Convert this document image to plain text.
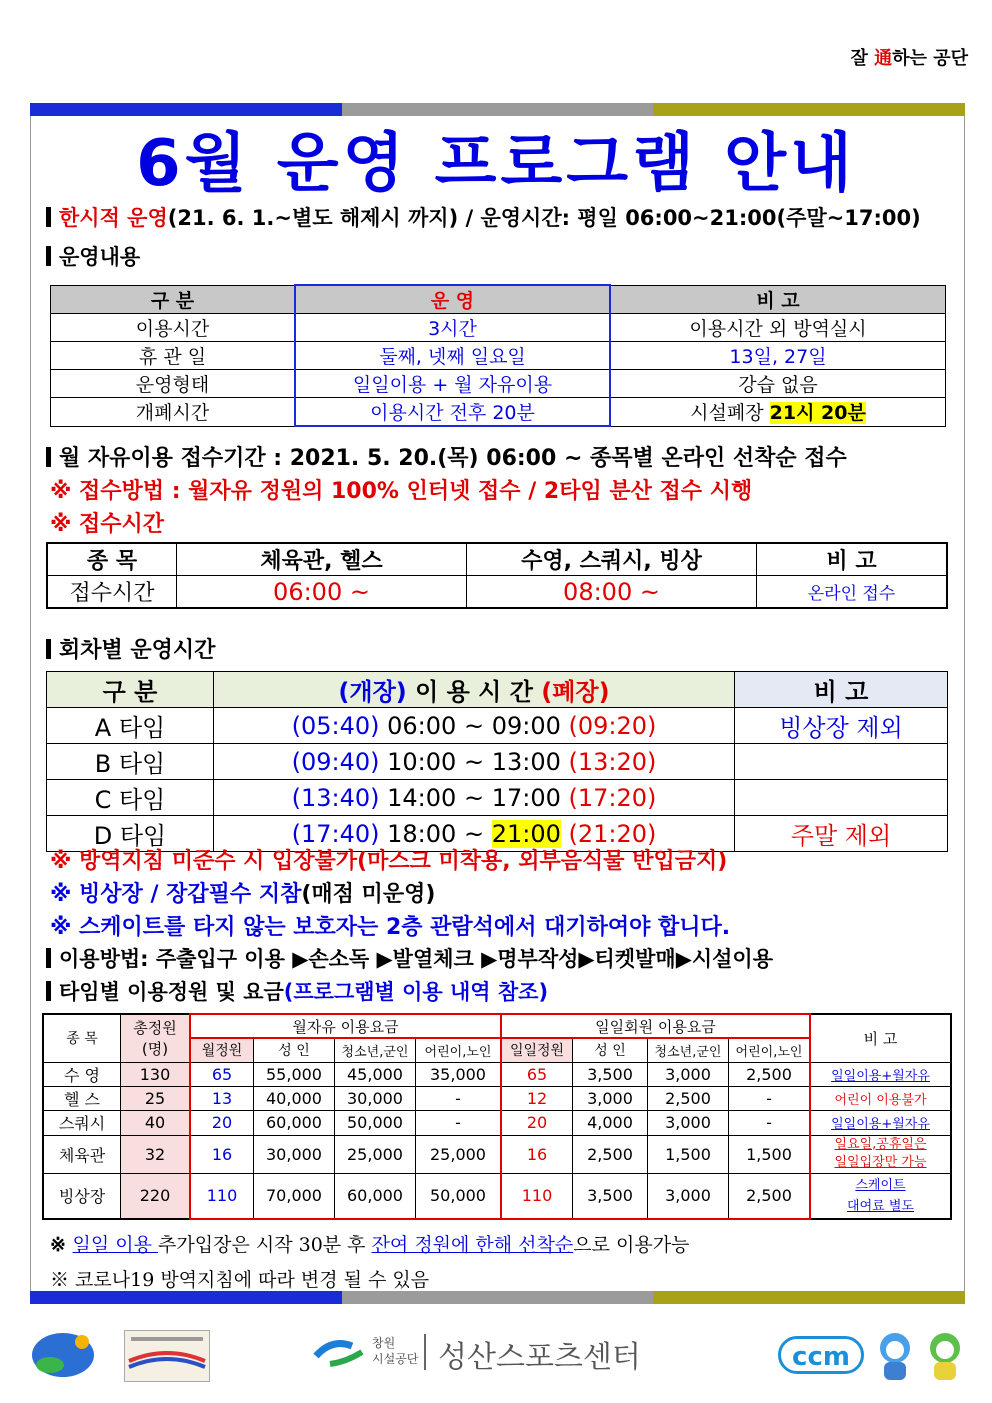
잘 通하는 공단
6월 운영 프로그램 안내
한시적 운영(21. 6. 1.~별도 해제시 까지) / 운영시간: 평일 06:00~21:00(주말~17:00)
운영내용
구 분	운 영	비 고
이용시간	3시간	이용시간 외 방역실시
휴 관 일	둘째, 넷째 일요일	13일, 27일
운영형태	일일이용 + 월 자유이용	강습 없음
개폐시간	이용시간 전후 20분	시설폐장 21시 20분
월 자유이용 접수기간 : 2021. 5. 20.(목) 06:00 ~ 종목별 온라인 선착순 접수
※ 접수방법 : 월자유 정원의 100% 인터넷 접수 / 2타임 분산 접수 시행
※ 접수시간
종 목	체육관, 헬스	수영, 스쿼시, 빙상	비 고
접수시간	06:00 ~	08:00 ~	온라인 접수
회차별 운영시간
구 분	(개장) 이 용 시 간 (폐장)	비 고
A 타임	(05:40) 06:00 ~ 09:00 (09:20)	빙상장 제외
B 타임	(09:40) 10:00 ~ 13:00 (13:20)	
C 타임	(13:40) 14:00 ~ 17:00 (17:20)	
D 타임	(17:40) 18:00 ~ 21:00 (21:20)	주말 제외
※ 방역지침 미준수 시 입장불가(마스크 미착용, 외부음식물 반입금지)
※ 빙상장 / 장갑필수 지참(매점 미운영)
※ 스케이트를 타지 않는 보호자는 2층 관람석에서 대기하여야 합니다.
이용방법: 주출입구 이용 ▶손소독 ▶발열체크 ▶명부작성▶티켓발매▶시설이용
타임별 이용정원 및 요금(프로그램별 이용 내역 참조)
종 목	총정원 (명)	월자유 이용요금				일일회원 이용요금				비 고
		월정원	성 인	청소년,군인	어린이,노인	일일정원	성 인	청소년,군인	어린이,노인	
수 영	130	65	55,000	45,000	35,000	65	3,500	3,000	2,500	일일이용+월자유
헬 스	25	13	40,000	30,000	-	12	3,000	2,500	-	어린이 이용불가
스쿼시	40	20	60,000	50,000	-	20	4,000	3,000	-	일일이용+월자유
체육관	32	16	30,000	25,000	25,000	16	2,500	1,500	1,500	일요일,공휴일은
일일입장만 가능

빙상장	220	110	70,000	60,000	50,000	110	3,500	3,000	2,500	스케이트
대여료 별도
※ 일일 이용 추가입장은 시작 30분 후 잔여 정원에 한해 선착순으로 이용가능
※ 코로나19 방역지침에 따라 변경 될 수 있음
창원
시설공단 성산스포츠센터	ccm
